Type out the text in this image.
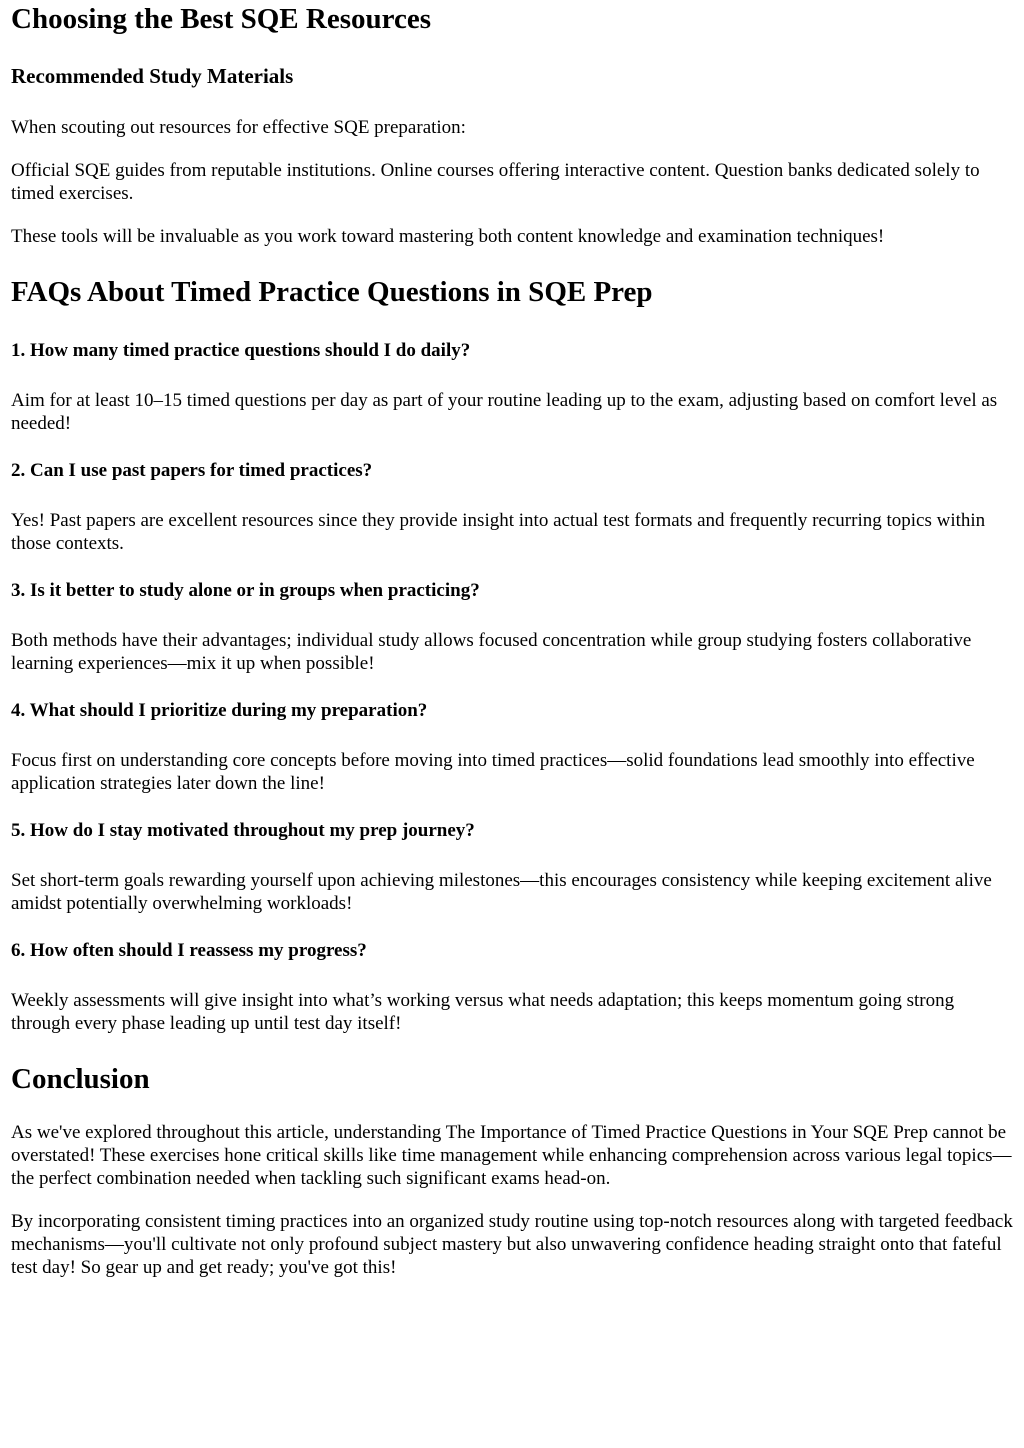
Choosing the Best SQE Resources
Recommended Study Materials

When scouting out resources for effective SQE preparation:

Official SQE guides from reputable institutions. Online courses offering interactive content. Question banks dedicated solely to timed exercises.

These tools will be invaluable as you work toward mastering both content knowledge and examination techniques!

FAQs About Timed Practice Questions in SQE Prep
1. How many timed practice questions should I do daily?

Aim for at least 10–15 timed questions per day as part of your routine leading up to the exam, adjusting based on comfort level as needed!

2. Can I use past papers for timed practices?

Yes! Past papers are excellent resources since they provide insight into actual test formats and frequently recurring topics within those contexts.

3. Is it better to study alone or in groups when practicing?

Both methods have their advantages; individual study allows focused concentration while group studying fosters collaborative learning experiences—mix it up when possible!

4. What should I prioritize during my preparation?

Focus first on understanding core concepts before moving into timed practices—solid foundations lead smoothly into effective application strategies later down the line!

5. How do I stay motivated throughout my prep journey?

Set short-term goals rewarding yourself upon achieving milestones—this encourages consistency while keeping excitement alive amidst potentially overwhelming workloads!

6. How often should I reassess my progress?

Weekly assessments will give insight into what’s working versus what needs adaptation; this keeps momentum going strong through every phase leading up until test day itself!

Conclusion

As we've explored throughout this article, understanding The Importance of Timed Practice Questions in Your SQE Prep cannot be overstated! These exercises hone critical skills like time management while enhancing comprehension across various legal topics—the perfect combination needed when tackling such significant exams head-on.

By incorporating consistent timing practices into an organized study routine using top-notch resources along with targeted feedback mechanisms—you'll cultivate not only profound subject mastery but also unwavering confidence heading straight onto that fateful test day! So gear up and get ready; you've got this!
